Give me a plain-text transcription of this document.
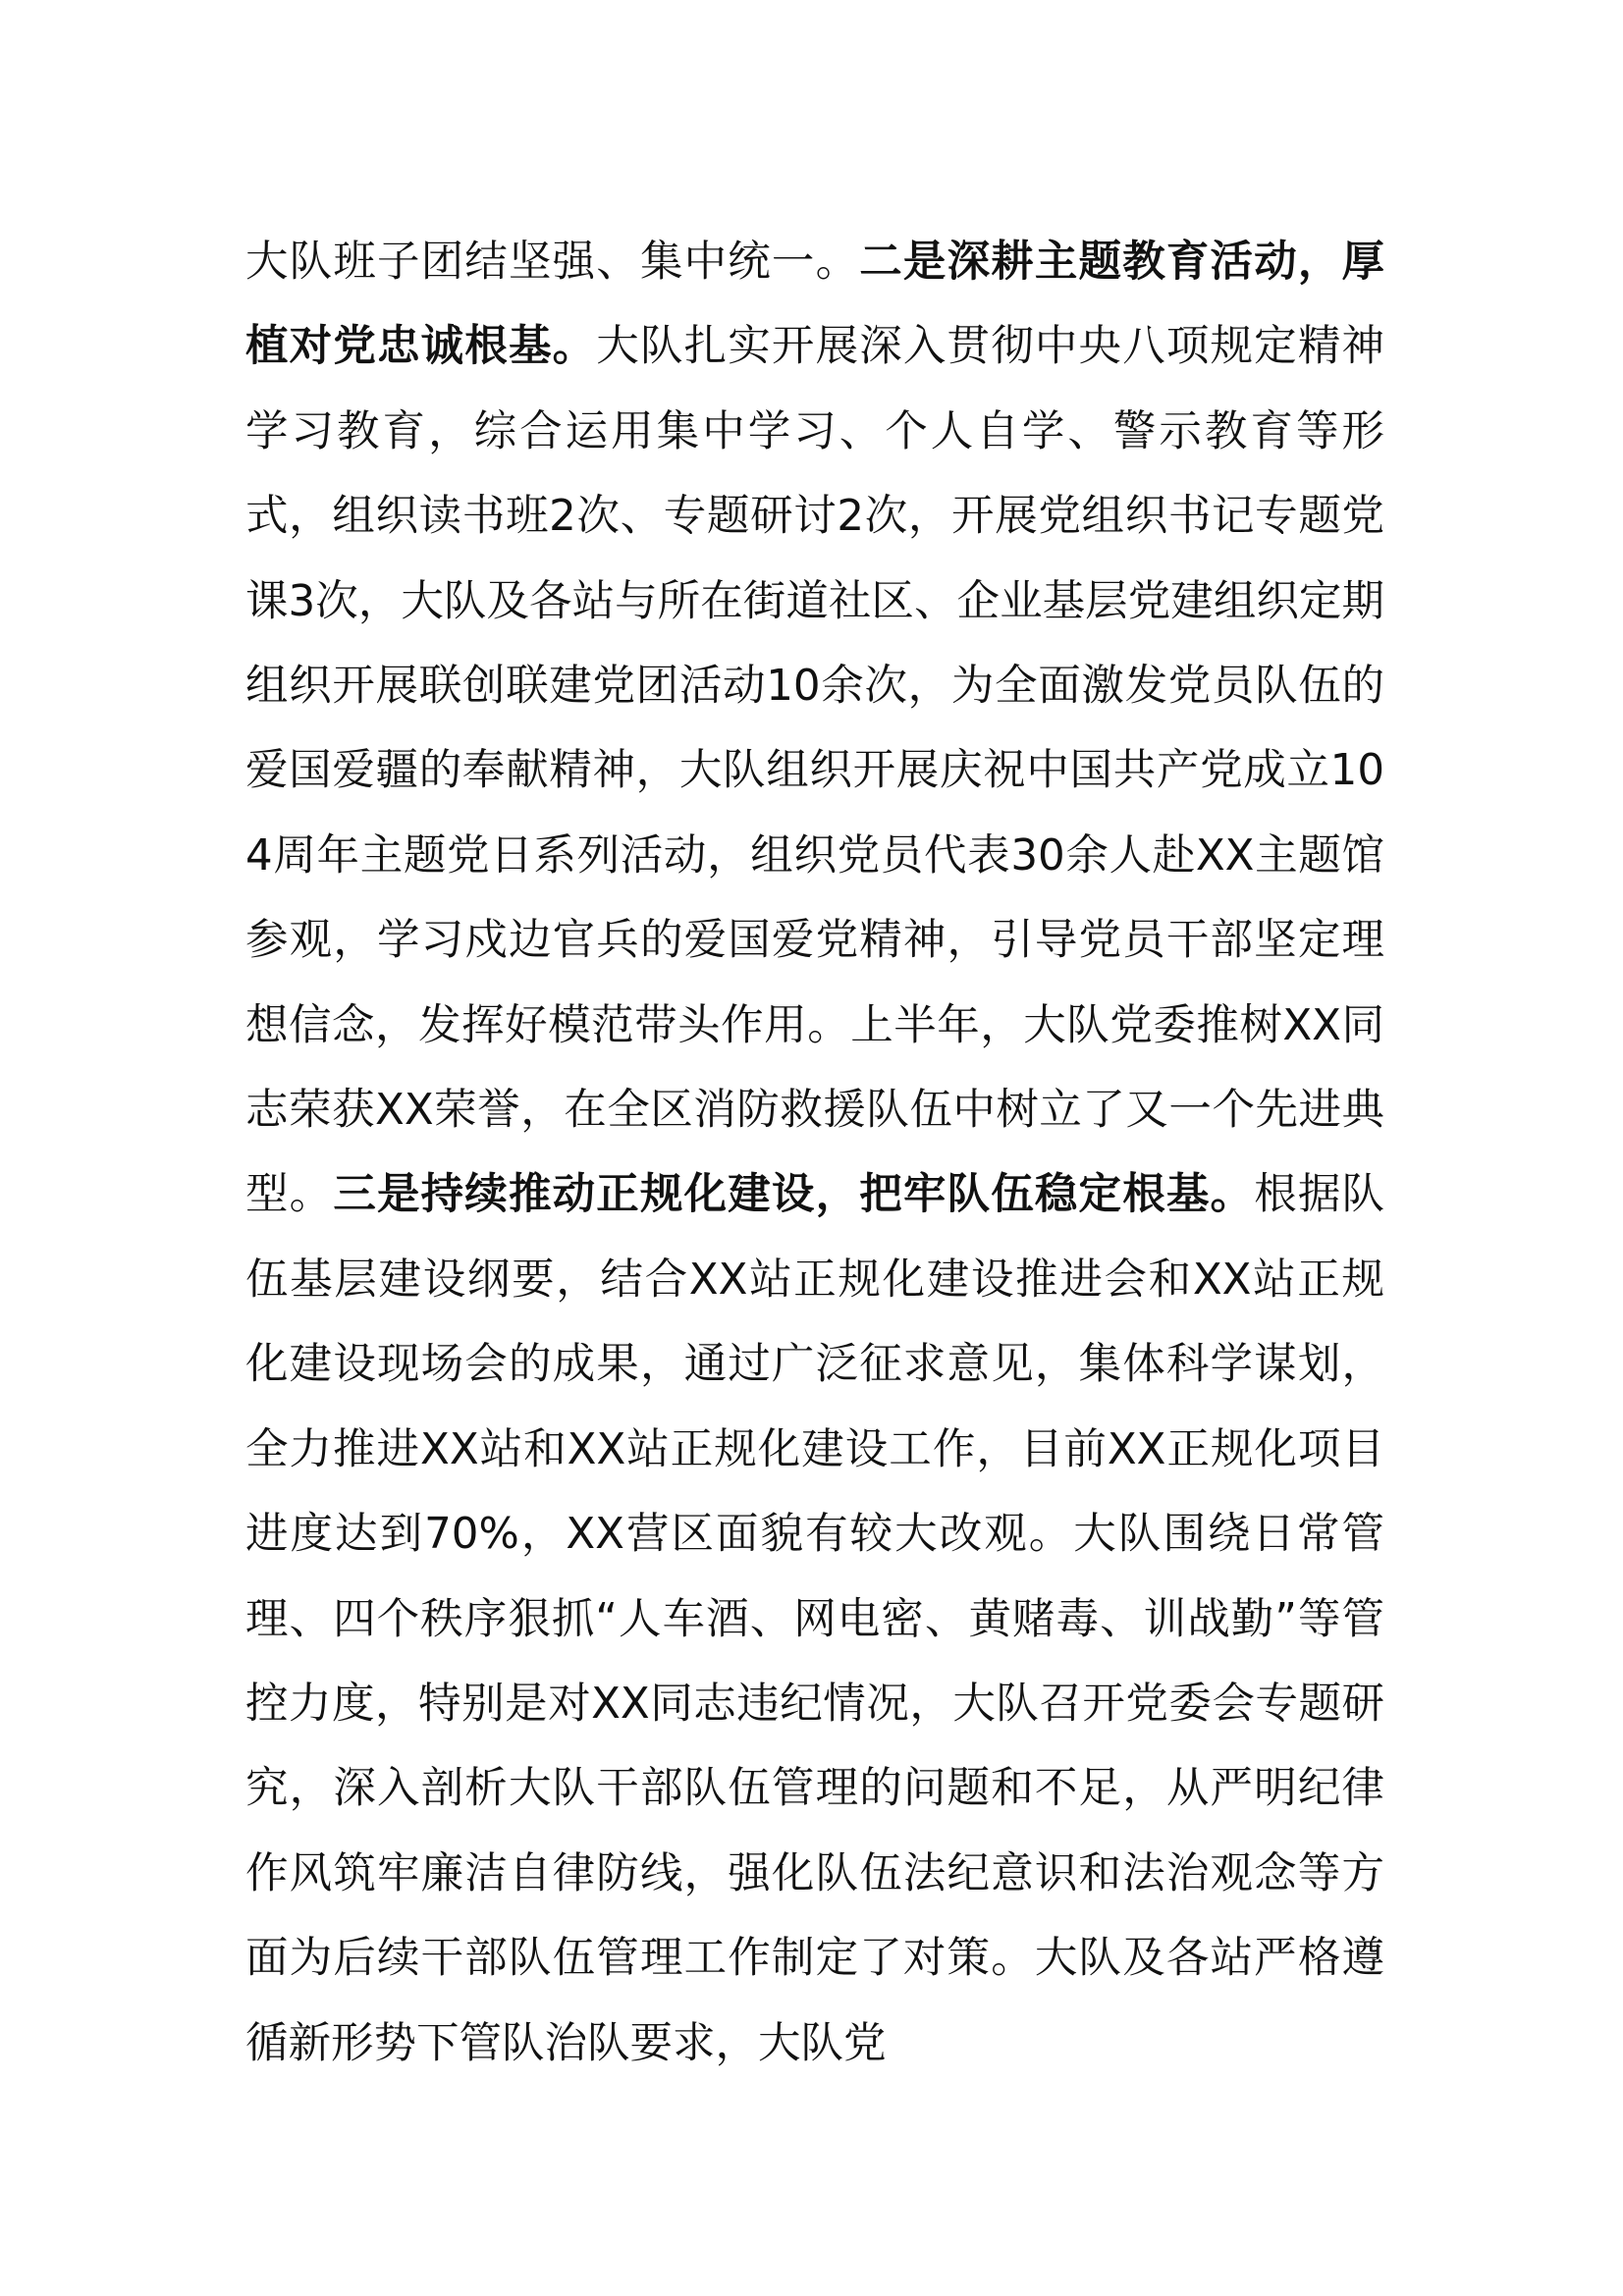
大队班子团结坚强、集中统一。二是深耕主题教育活动，厚植对党忠诚根基。大队扎实开展深入贯彻中央八项规定精神学习教育，综合运用集中学习、个人自学、警示教育等形式，组织读书班2次、专题研讨2次，开展党组织书记专题党课3次，大队及各站与所在街道社区、企业基层党建组织定期组织开展联创联建党团活动10余次，为全面激发党员队伍的爱国爱疆的奉献精神，大队组织开展庆祝中国共产党成立104周年主题党日系列活动，组织党员代表30余人赴XX主题馆参观，学习戍边官兵的爱国爱党精神，引导党员干部坚定理想信念，发挥好模范带头作用。上半年，大队党委推树XX同志荣获XX荣誉，在全区消防救援队伍中树立了又一个先进典型。三是持续推动正规化建设，把牢队伍稳定根基。根据队伍基层建设纲要，结合XX站正规化建设推进会和XX站正规化建设现场会的成果，通过广泛征求意见，集体科学谋划，全力推进XX站和XX站正规化建设工作，目前XX正规化项目进度达到70%，XX营区面貌有较大改观。大队围绕日常管理、四个秩序狠抓“人车酒、网电密、黄赌毒、训战勤”等管控力度，特别是对XX同志违纪情况，大队召开党委会专题研究，深入剖析大队干部队伍管理的问题和不足，从严明纪律作风筑牢廉洁自律防线，强化队伍法纪意识和法治观念等方面为后续干部队伍管理工作制定了对策。大队及各站严格遵循新形势下管队治队要求，大队党
